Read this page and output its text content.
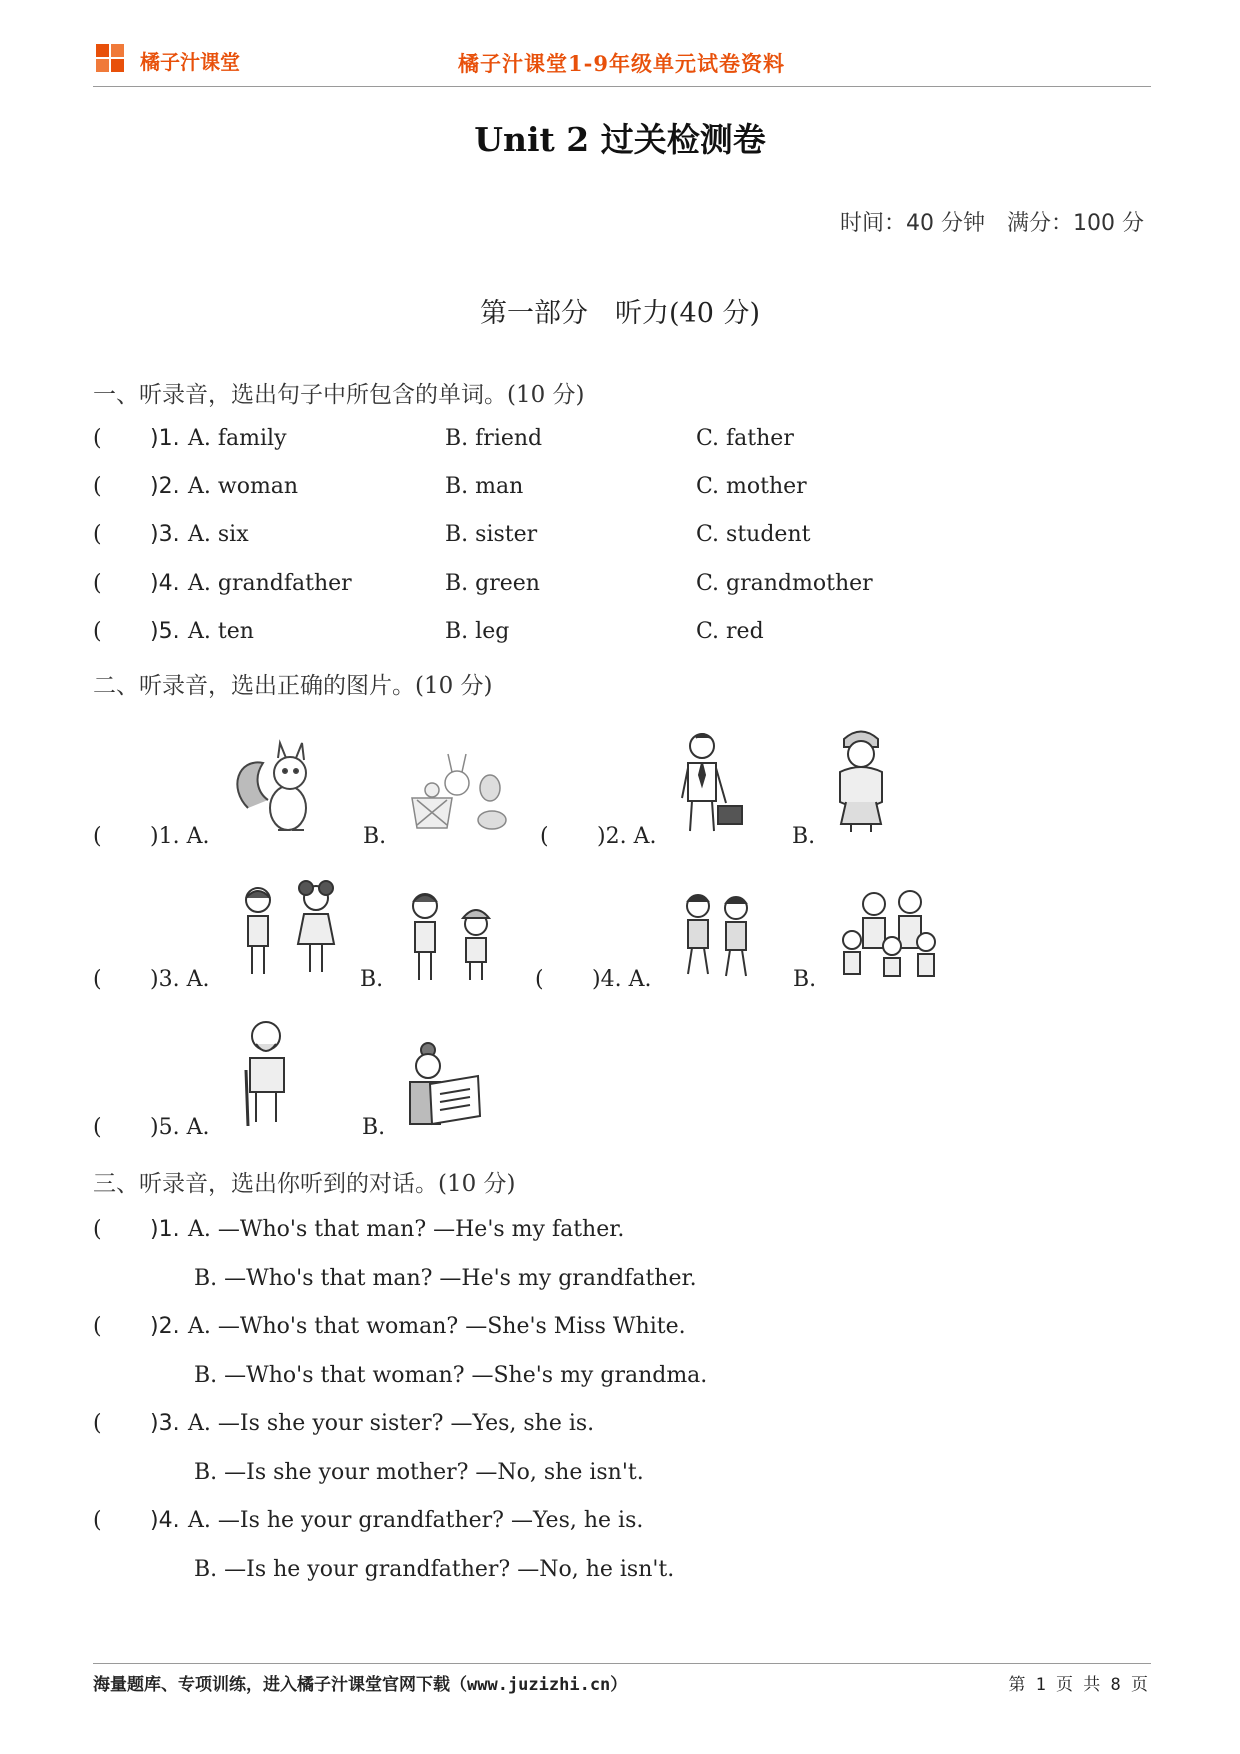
橘子汁课堂	橘子汁课堂1-9年级单元试卷资料
Unit 2 过关检测卷
时间：40 分钟　满分：100 分
第一部分　听力(40 分)
一、听录音，选出句子中所包含的单词。(10 分)
( )1. A. family	B. friend	C. father
( )2. A. woman	B. man	C. mother
( )3. A. six	B. sister	C. student
( )4. A. grandfather	B. green	C. grandmother
( )5. A. ten	B. leg	C. red
二、听录音，选出正确的图片。(10 分)
( )1. A.	B.	( )2. A.	B.
( )3. A.	B.	( )4. A.	B.
( )5. A.	B.
三、听录音，选出你听到的对话。(10 分)
( )1. A. —Who's that man? —He's my father.
B. —Who's that man? —He's my grandfather.
( )2. A. —Who's that woman? —She's Miss White.
B. —Who's that woman? —She's my grandma.
( )3. A. —Is she your sister? —Yes, she is.
B. —Is she your mother? —No, she isn't.
( )4. A. —Is he your grandfather? —Yes, he is.
B. —Is he your grandfather? —No, he isn't.
海量题库、专项训练，进入橘子汁课堂官网下载（www.juzizhi.cn）	第 1 页 共 8 页
